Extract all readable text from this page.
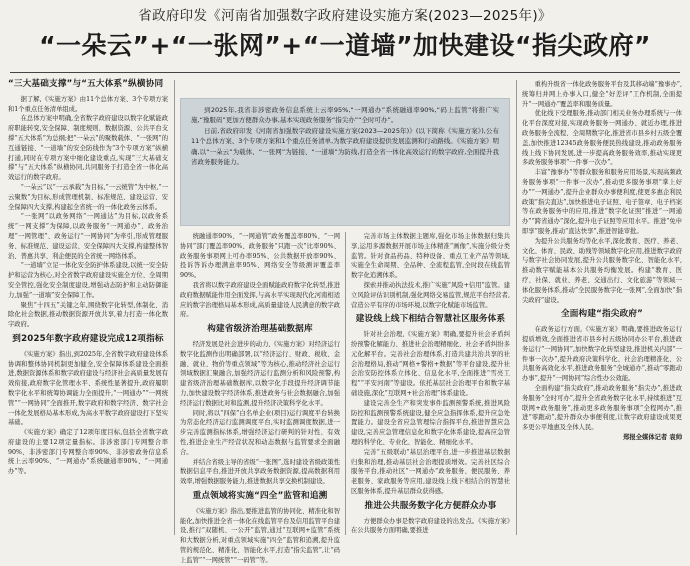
省政府印发《河南省加强数字政府建设实施方案(2023—2025年)》
“一朵云”+“一张网”+“一道墙”加快建设“指尖政府”
“三大基础支撑”与“五大体系”纵横协同

据了解,《实施方案》由11个总体方案、3个专项方案和1个重点任务清单组成。

在总体方案中明确,全省数字政府建设以数字化赋能政府职能转变,安全保障、制度规则、数据资源、公共平台支撑“五大体系”为总纲;把“一朵云”的聚数载体、“一张网”的互通链接、“一道墙”的安全防线作为“3个专项方案”纵横打通,同时在专项方案中细化建设重点,实现“三大基础支撑”与“五大体系”纵横协同,共同服务于打造全省一体化高效运行的数字政府。

“一朵云”以“一云承载”为目标,“一云统管”为中枢,“一云聚数”为目标,形成管理机制、标准规范、建设运营、安全保障四大支撑,构建起全省统一的一体化政务云体系。

“一张网”以政务网络“一网通达”为目标,以政务系统“一网支撑”为保障,以政务服务“一网通办”、政务治理“一网管理”、政务运行“一网协同”为牵引,形成管理服务、标准规范、建设运营、安全保障四大支撑,构建整体智治、普惠共享、利企便民的全省统一网络体系。

“一道墙”立足一体化安全防护体系建设,以统一安全防护和运营为核心,对全省数字政府建设实施全方位、全周期安全管控,强化安全制度建设,增强动态防护和主动防御能力,加强“一道墙”安全保障工作。

聚焦“十四五”关键之年,围绕数字化转型,体制化、消除化社会数据,推动数据资源开放共享,着力打造一体化数字政府。

到2025年数字政府建设完成12项指标

《实施方案》指出,到2025年,全省数字政府建设体系协调和整体协同机制更加健全,安全保障体系建设全面推进,数据资源体系和数字政府建设与经济社会高质量发展有效衔接,政府数字化管理水平、系统性显著提升,政府履职数字化水平和统筹协调能力全面提升,“一网通办”“一网统管”“一网协同”全面推开,数字政府和数字经济、数字社会一体化发展格局基本形成,为高水平数字政府建设打下坚实基础。

《实施方案》确定了12项年度目标,包括全省数字政府建设的主要12项定量指标。非涉密部门专网整合率90%、非涉密部门专网整合率90%、非涉密政务信息系统上云率90%、“一网通办”系统融通率90%、“一网通办”等。

到2025年,我省非涉密政务信息系统上云率95%,“一网通办”系统融通率90%,“码上监管”将推广实施,“豫服码”更加方便群众办事,基本实现政务服务“指尖办”“全时可办”。

日前,省政府印发《河南省加强数字政府建设实施方案(2023—2025年)》(以下简称《实施方案》),公布11个总体方案、3个专项方案和1个重点任务清单,为数字政府建设提供发展监测和行动路线。《实施方案》明确,以“一朵云”为载体、“一张网”为链接、“一道墙”为防线,打造全省一体化高效运行的数字政府,全面提升我省政务服务能力。

统融通率90%、“一网通管”政务覆盖率80%、“一网协同”部门覆盖率90%、政务服务“只跑一次”比率90%、政务服务事项网上可办率95%、公共数据开放率90%、投诉答诉办理满意率95%、网络安全等级测评覆盖率90%。

我省将以数字政府建设全面赋能政府数字化转型,推进政府数据赋能作用全面发挥,与高水平实现现代化河南相适应的数字治理格局基本形成,高质量建设人民满意的数字政府。

构建省级济治理基础数据库

经济发展是社会进步的动力,《实施方案》对经济运行数字化监测作出明确部署,以“经济运行、财政、税收、金融、就业、物价等重点领域”等为核心,推动经济社会运行领域数据汇聚融合,加强经济运行监测分析和风险预警,构建省级济治理基础数据库,以数字化手段提升经济调节能力,加快建设数字经济体系,推进政务与社会数据融合,加强经济运行数据比对和监测,提升经济决策科学化水平。

同时,将以“四保”白名单企业(项目)运行调度平台转换为常态化经济运行监测调度平台,实时监测调度数据,进一步完善监测指标体系,增强经济运行研判的针对性、有效性,推进企业生产经营状况和动态数据与监管要求全面融合。

并结合省级主导的省级“一张图”,选时建设省级政策性数据信息平台,推进开放共享政务数据资源,提高数据利用效率,增强数据服务能力,推进数据共享交换机制建设。

重点领域将实施“四全”监管和追溯

《实施方案》指出,要推进监管的协同化、精准化和智能化,加快推进全省一体化在线监管平台及信用监管平台建设,推行“双随机、一公开”监管,通过“互联网+监管”系统和大数据分析,对重点领域实施“四全”监管和追溯,提升监管的规范化、精准化、智能化水平,打造“指尖监管”,让“码上监管”“一网统管”“一码管”等。

完善市场主体数据主题库,强化市场主体数据归集共享,运用多源数据开展市场主体精准“画像”,实施分级分类监管。针对食品药品、特种设备、重点工业产品等领域,实施全生命周期、全品种、全流程监管,全时段在线监管数字化追溯体系。

探索并推动执法技术,推广实施“风险+信用”监管。建立风险评估识别机制,强化网络交易监管,规范平台经营者,营造公平有序的市场环境,以数字化赋能市场监管。

建设线上线下相结合智慧社区服务体系

针对社会治理,《实施方案》明确,要提升社会矛盾纠纷预警化解能力、推进社会治理精细化、社会矛盾纠纷多元化解平台。完善社会治理体系,打造共建共治共享的社会治理格局,推动“网格+警格+数据”等平台建设,提升社会治安防控体系立体化、信息化水平,全面推进“雪亮工程”“平安河南”等建设。依托基层社会治理平台和数字基础设施,深化“互联网+社会治理”体系建设。

建设完善全生产和突发事件监测预警系统,推进风险防控和监测预警系统建设,健全应急指挥体系,提升应急处置能力。建设全省应急管理综合指挥平台,推进智慧应急建设,完善应急管理信息化和数字化体系建设,提高应急管理的科学化、专业化、智能化、精细化水平。

完善“五级联动”基层治理平台,进一步推进基层数据归集和治理,推动基层社会治理提质增效。完善社区综合服务平台,推动社区“一网通办”政务服务、便民服务、养老服务、家政服务等应用,建设线上线下相结合的智慧社区服务体系,提升基层群众获得感。

推进公共服务数字化方便群众办事

方便群众办事是数字政府建设的出发点。《实施方案》在公共服务方面明确,要推进

重构升级省一体化政务服务平台及其移动端“豫事办”,统筹归并网上办事入口,健全“好差评”工作机制,全面提升“一网通办”覆盖率和服务质量。

优化线下受理服务,推动部门相关业务办理系统与一体化平台深度对接,实现政务服务一网通办、就近办理,推进政务服务全流程、全周期数字化,推进省市县乡村五级全覆盖,加快推进12345政务服务便民热线建设,推动政务服务线上线下协同发展,进一步提高政务服务效率,推动实现更多政务服务事项“一件事一次办”。

丰富“豫事办”等群众服务和服务应用场景,实现高频政务服务事项“一件事一次办”,推动更多服务事项“掌上好办”“一网通办”,提升企业群众办事便利度,使更多惠企利民政策“指尖直达”,加快推进电子证照、电子签章、电子档案等在政务服务中的应用,推进“数字化证照”推进“一网通办”“跨省通办”深化,提升电子证照等应用水平。推进“免申即享”服务,推动“直达快享”,推进智能审批。

为提升公共服务均等化水平,深化教育、医疗、养老、文化、体育、民政、助残等领域数字化应用,推进数字政府与数字社会协同发展,提升公共服务数字化、智能化水平,推动数字赋能基本公共服务均衡发展。构建“教育、医疗、社保、就业、养老、交通出行、文化旅游”等领域一体化服务体系,推动“全民服务数字化一张网”,全面加快“指尖政府”建设。

全面构建“指尖政府”

在政务运行方面,《实施方案》明确,要推进政务运行提质增效,全面推进省市县乡村五级协同办公平台,推进政务运行“一网协同”,加快数字化转型建设,推进机关内部“一件事一次办”,提升政府决策科学化、社会治理精准化、公共服务高效化水平,推进政务服务“全城通办”,推动“零跑动办事”,提升“一网协同”综合性办公效能。

全面构建“指尖政府”,推动政务服务“指尖办”,推进政务服务“全时可办”,提升全省政务数字化水平,持续推进“互联网+政务服务”,推动更多政务服务事项“全程网办”,推进“零跑动”,提升群众办事便利度,让数字政府建设成果更多更公平地惠及全体人民。

郑报全媒体记者 袁帅
